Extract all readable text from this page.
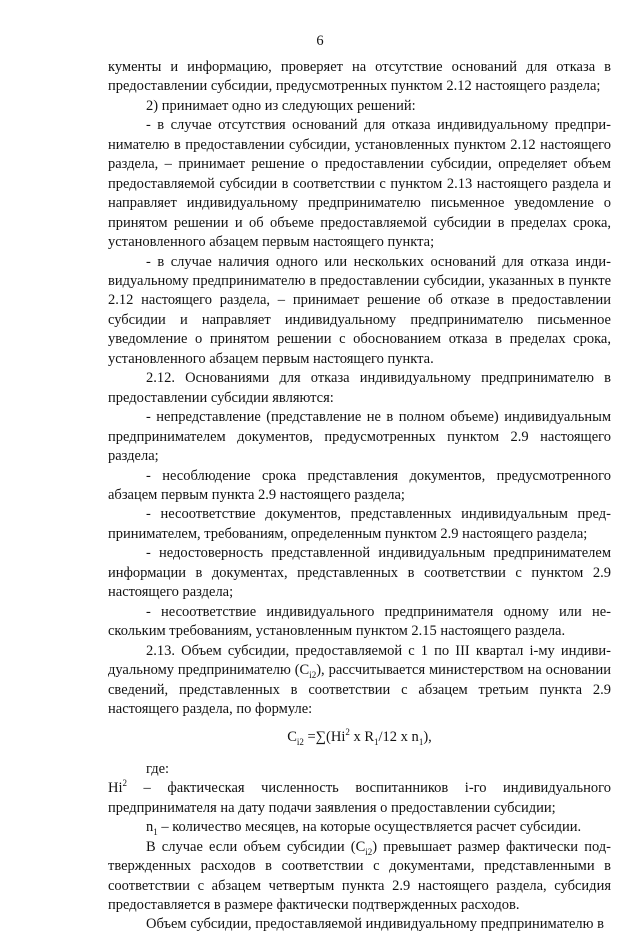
6

кументы и информацию, проверяет на отсутствие оснований для отказа в предоставлении субсидии, предусмотренных пунктом 2.12 настоящего раздела;

2) принимает одно из следующих решений:

- в случае отсутствия оснований для отказа индивидуальному предпринимателю в предоставлении субсидии, установленных пунктом 2.12 настоящего раздела, – принимает решение о предоставлении субсидии, определяет объем предоставляемой субсидии в соответствии с пунктом 2.13 настоящего раздела и направляет индивидуальному предпринимателю письменное уведомление о принятом решении и об объеме предоставляемой субсидии в пределах срока, установленного абзацем первым настоящего пункта;

- в случае наличия одного или нескольких оснований для отказа индивидуальному предпринимателю в предоставлении субсидии, указанных в пункте 2.12 настоящего раздела, – принимает решение об отказе в предоставлении субсидии и направляет индивидуальному предпринимателю письменное уведомление о принятом решении с обоснованием отказа в пределах срока, установленного абзацем первым настоящего пункта.

2.12. Основаниями для отказа индивидуальному предпринимателю в предоставлении субсидии являются:

- непредставление (представление не в полном объеме) индивидуальным предпринимателем документов, предусмотренных пунктом 2.9 настоящего раздела;

- несоблюдение срока представления документов, предусмотренного абзацем первым пункта 2.9 настоящего раздела;

- несоответствие документов, представленных индивидуальным предпринимателем, требованиям, определенным пунктом 2.9 настоящего раздела;

- недостоверность представленной индивидуальным предпринимателем информации в документах, представленных в соответствии с пунктом 2.9 настоящего раздела;

- несоответствие индивидуального предпринимателя одному или нескольким требованиям, установленным пунктом 2.15 настоящего раздела.

2.13. Объем субсидии, предоставляемой с 1 по III квартал i-му индивидуальному предпринимателю $(C_{i2})$, рассчитывается министерством на основании сведений, представленных в соответствии с абзацем третьим пункта 2.9 настоящего раздела, по формуле:

$C_{i2} =\sum(Hi^2$ x $R_1/12$ x $n_1$),

где:

Hi$^2$ – фактическая численность воспитанников i-го индивидуального предпринимателя на дату подачи заявления о предоставлении субсидии;

$n_1$ – количество месяцев, на которые осуществляется расчет субсидии.

В случае если объем субсидии $(C_{i2})$ превышает размер фактически подтвержденных расходов в соответствии с документами, представленными в соответствии с абзацем четвертым пункта 2.9 настоящего раздела, субсидия предоставляется в размере фактически подтвержденных расходов.

Объем субсидии, предоставляемой индивидуальному предпринимателю в
